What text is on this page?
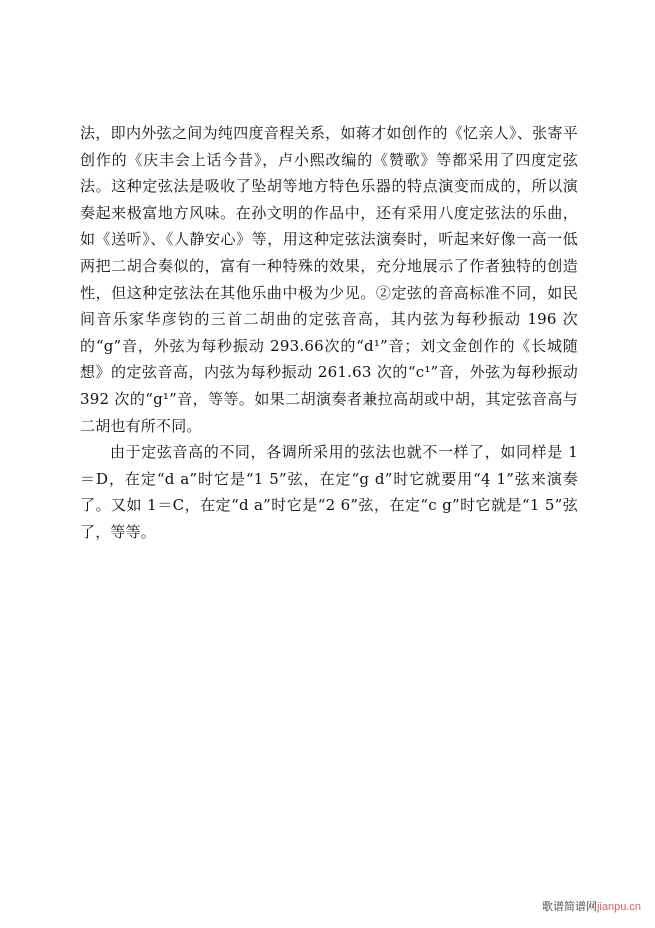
法，即内外弦之间为纯四度音程关系，如蒋才如创作的《忆亲人》、张寄平创作的《庆丰会上话今昔》，卢小熙改编的《赞歌》等都采用了四度定弦法。这种定弦法是吸收了坠胡等地方特色乐器的特点演变而成的，所以演奏起来极富地方风味。在孙文明的作品中，还有采用八度定弦法的乐曲，如《送听》、《人静安心》等，用这种定弦法演奏时，听起来好像一高一低两把二胡合奏似的，富有一种特殊的效果，充分地展示了作者独特的创造性，但这种定弦法在其他乐曲中极为少见。②定弦的音高标准不同，如民间音乐家华彦钧的三首二胡曲的定弦音高，其内弦为每秒振动 196 次的“g”音，外弦为每秒振动 293.66次的“d¹”音；刘文金创作的《长城随想》的定弦音高，内弦为每秒振动 261.63 次的“c¹”音，外弦为每秒振动 392 次的“g¹”音，等等。如果二胡演奏者兼拉高胡或中胡，其定弦音高与二胡也有所不同。

由于定弦音高的不同，各调所采用的弦法也就不一样了，如同样是 1＝D，在定“d a”时它是“1 5”弦，在定“g d”时它就要用“4̣ 1”弦来演奏了。又如 1＝C，在定“d a”时它是“2 6”弦，在定“c g”时它就是“1 5”弦了，等等。

歌谱简谱网jianpu.cn
